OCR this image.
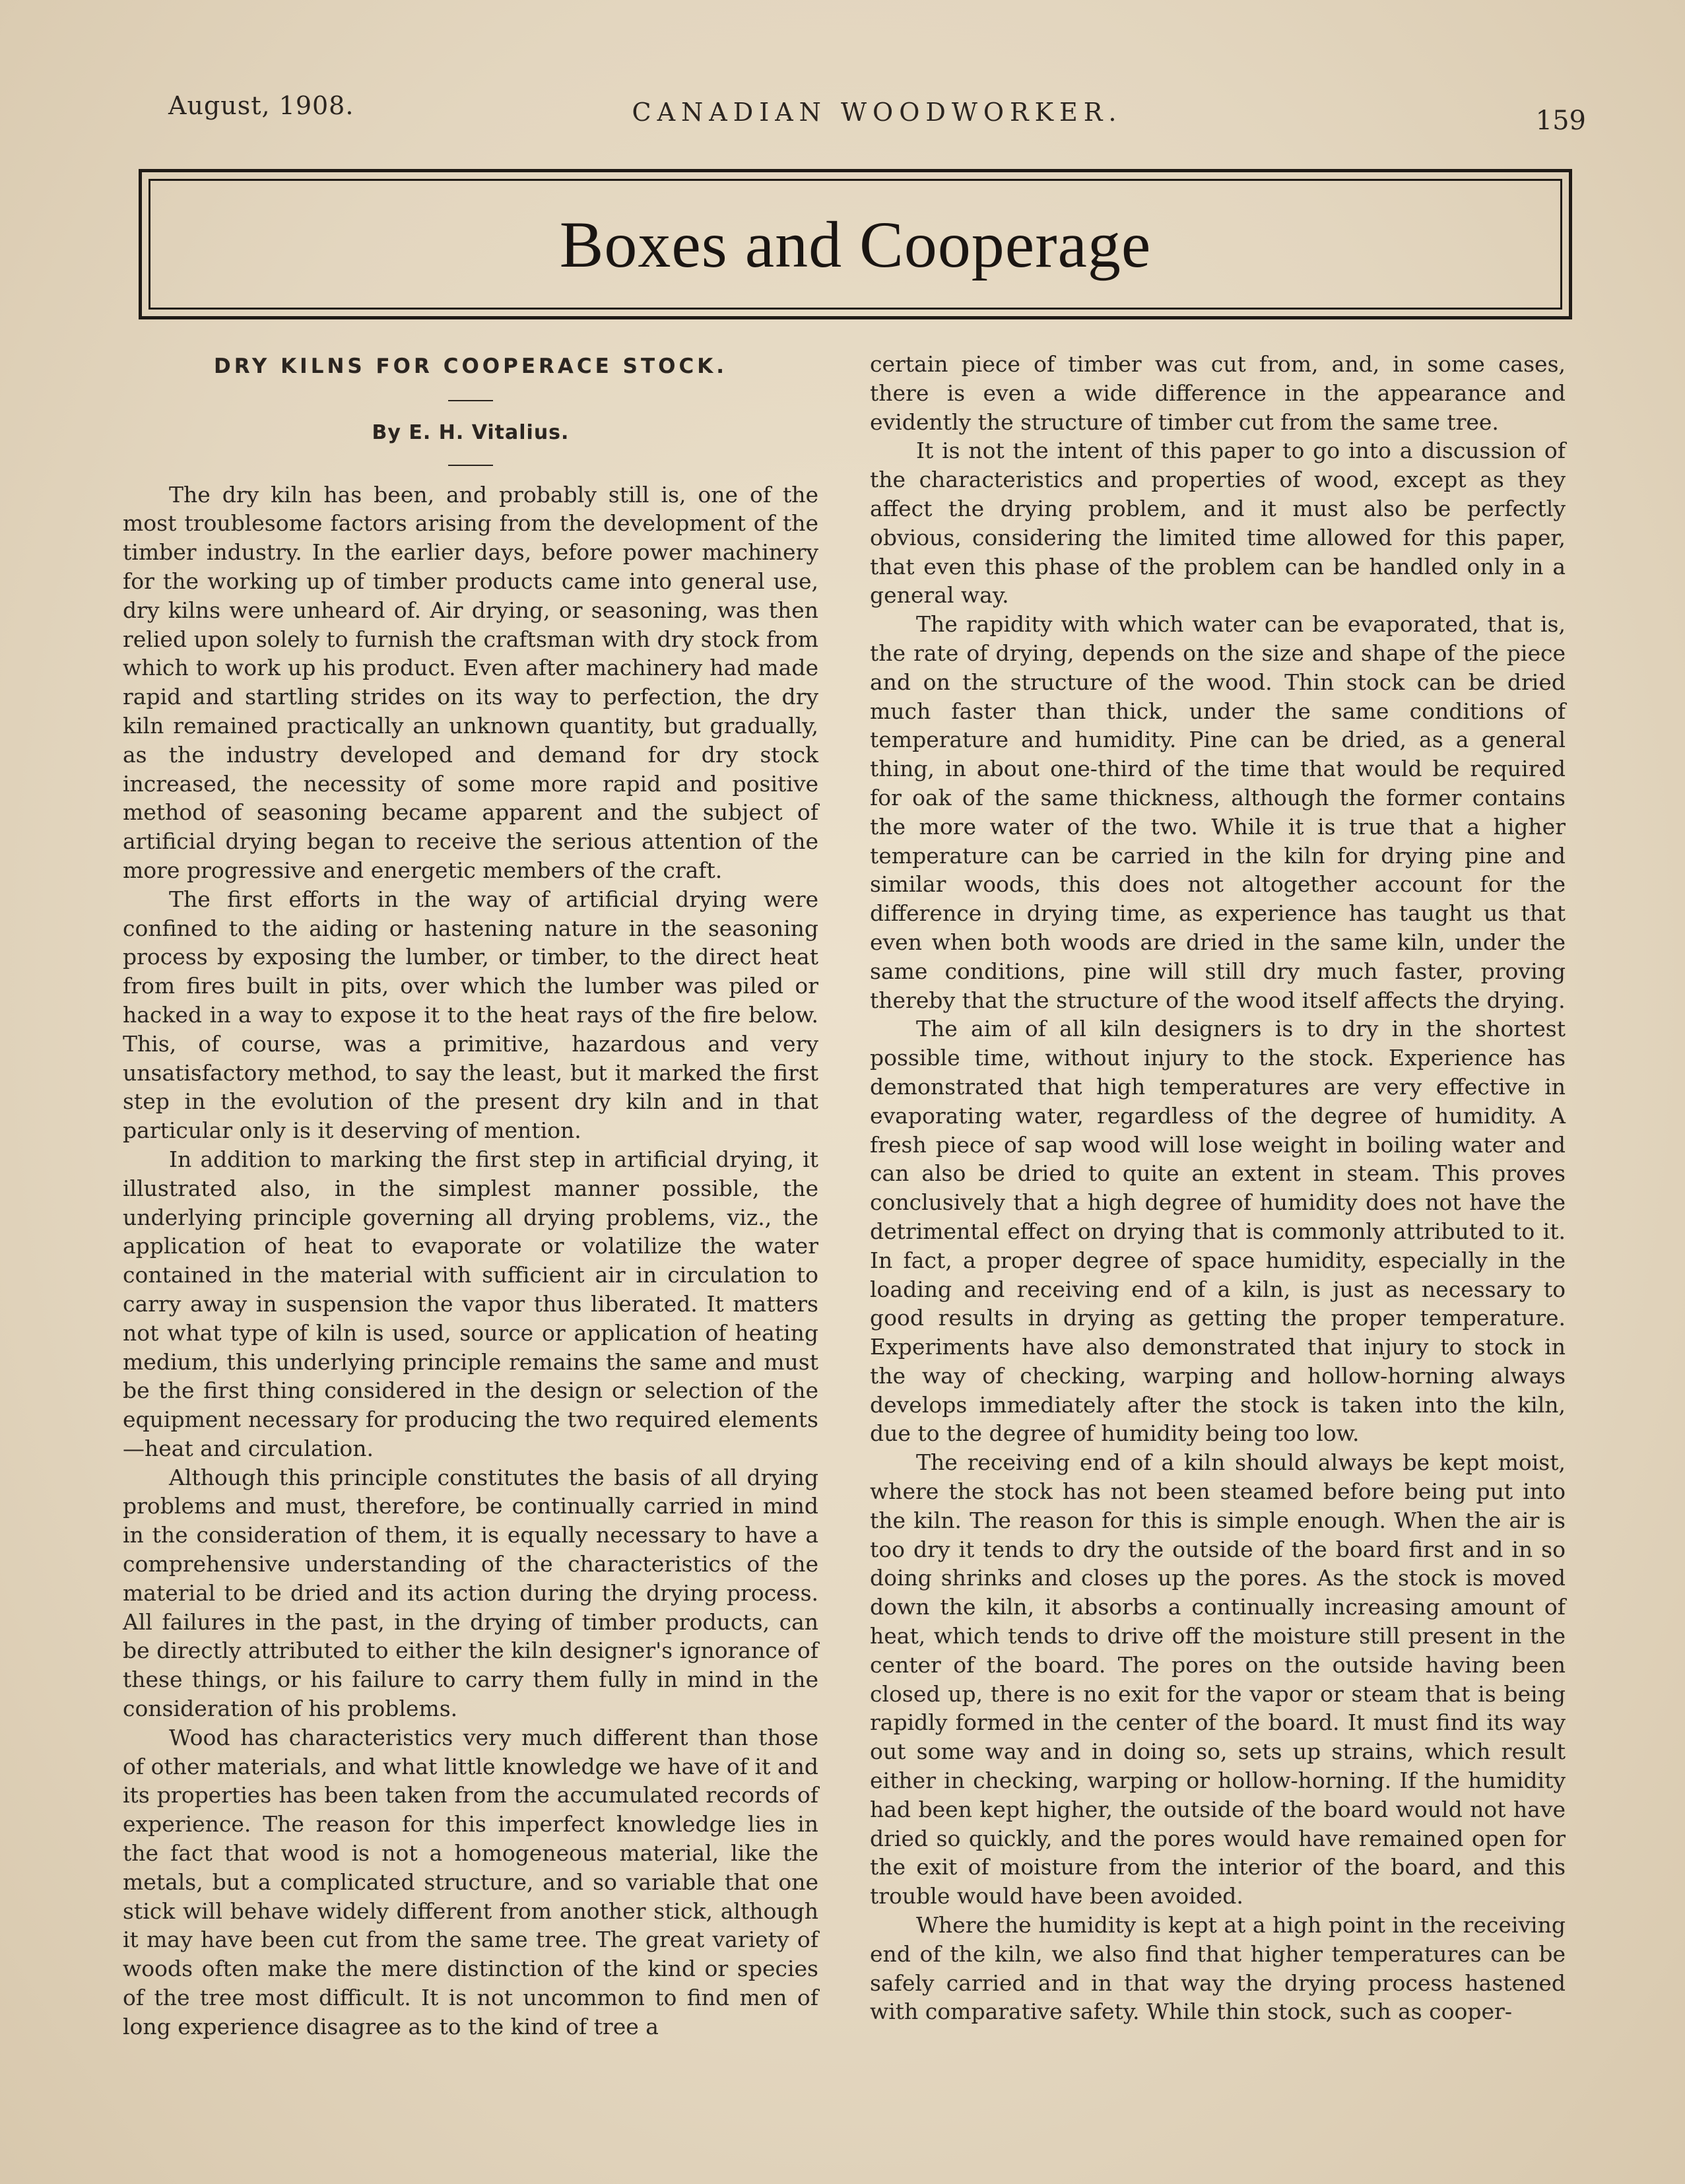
August, 1908.	CANADIAN WOODWORKER.	159
Boxes and Cooperage
DRY KILNS FOR COOPERACE STOCK.
By E. H. Vitalius.

The dry kiln has been, and probably still is, one of the most troublesome factors arising from the development of the timber industry. In the earlier days, before power machinery for the working up of timber products came into general use, dry kilns were unheard of. Air drying, or seasoning, was then relied upon solely to furnish the craftsman with dry stock from which to work up his product. Even after machinery had made rapid and startling strides on its way to perfection, the dry kiln remained practically an unknown quantity, but gradually, as the industry developed and demand for dry stock increased, the necessity of some more rapid and positive method of seasoning became apparent and the subject of artificial drying began to receive the serious attention of the more progressive and energetic members of the craft.

The first efforts in the way of artificial drying were confined to the aiding or hastening nature in the seasoning process by exposing the lumber, or timber, to the direct heat from fires built in pits, over which the lumber was piled or hacked in a way to expose it to the heat rays of the fire below. This, of course, was a primitive, hazardous and very unsatisfactory method, to say the least, but it marked the first step in the evolution of the present dry kiln and in that particular only is it deserving of mention.

In addition to marking the first step in artificial drying, it illustrated also, in the simplest manner possible, the underlying principle governing all drying problems, viz., the application of heat to evaporate or volatilize the water contained in the material with sufficient air in circulation to carry away in suspension the vapor thus liberated. It matters not what type of kiln is used, source or application of heating medium, this underlying principle remains the same and must be the first thing considered in the design or selection of the equipment necessary for producing the two required elements—heat and circulation.

Although this principle constitutes the basis of all drying problems and must, therefore, be continually carried in mind in the consideration of them, it is equally necessary to have a comprehensive understanding of the characteristics of the material to be dried and its action during the drying process. All failures in the past, in the drying of timber products, can be directly attributed to either the kiln designer's ignorance of these things, or his failure to carry them fully in mind in the consideration of his problems.

Wood has characteristics very much different than those of other materials, and what little knowledge we have of it and its properties has been taken from the accumulated records of experience. The reason for this imperfect knowledge lies in the fact that wood is not a homogeneous material, like the metals, but a complicated structure, and so variable that one stick will behave widely different from another stick, although it may have been cut from the same tree. The great variety of woods often make the mere distinction of the kind or species of the tree most difficult. It is not uncommon to find men of long experience disagree as to the kind of tree a

certain piece of timber was cut from, and, in some cases, there is even a wide difference in the appearance and evidently the structure of timber cut from the same tree.

It is not the intent of this paper to go into a discussion of the characteristics and properties of wood, except as they affect the drying problem, and it must also be perfectly obvious, considering the limited time allowed for this paper, that even this phase of the problem can be handled only in a general way.

The rapidity with which water can be evaporated, that is, the rate of drying, depends on the size and shape of the piece and on the structure of the wood. Thin stock can be dried much faster than thick, under the same conditions of temperature and humidity. Pine can be dried, as a general thing, in about one-third of the time that would be required for oak of the same thickness, although the former contains the more water of the two. While it is true that a higher temperature can be carried in the kiln for drying pine and similar woods, this does not altogether account for the difference in drying time, as experience has taught us that even when both woods are dried in the same kiln, under the same conditions, pine will still dry much faster, proving thereby that the structure of the wood itself affects the drying.

The aim of all kiln designers is to dry in the shortest possible time, without injury to the stock. Experience has demonstrated that high temperatures are very effective in evaporating water, regardless of the degree of humidity. A fresh piece of sap wood will lose weight in boiling water and can also be dried to quite an extent in steam. This proves conclusively that a high degree of humidity does not have the detrimental effect on drying that is commonly attributed to it. In fact, a proper degree of space humidity, especially in the loading and receiving end of a kiln, is just as necessary to good results in drying as getting the proper temperature. Experiments have also demonstrated that injury to stock in the way of checking, warping and hollow-horning always develops immediately after the stock is taken into the kiln, due to the degree of humidity being too low.

The receiving end of a kiln should always be kept moist, where the stock has not been steamed before being put into the kiln. The reason for this is simple enough. When the air is too dry it tends to dry the outside of the board first and in so doing shrinks and closes up the pores. As the stock is moved down the kiln, it absorbs a continually increasing amount of heat, which tends to drive off the moisture still present in the center of the board. The pores on the outside having been closed up, there is no exit for the vapor or steam that is being rapidly formed in the center of the board. It must find its way out some way and in doing so, sets up strains, which result either in checking, warping or hollow-horning. If the humidity had been kept higher, the outside of the board would not have dried so quickly, and the pores would have remained open for the exit of moisture from the interior of the board, and this trouble would have been avoided.

Where the humidity is kept at a high point in the receiving end of the kiln, we also find that higher temperatures can be safely carried and in that way the drying process hastened with comparative safety. While thin stock, such as cooper-
